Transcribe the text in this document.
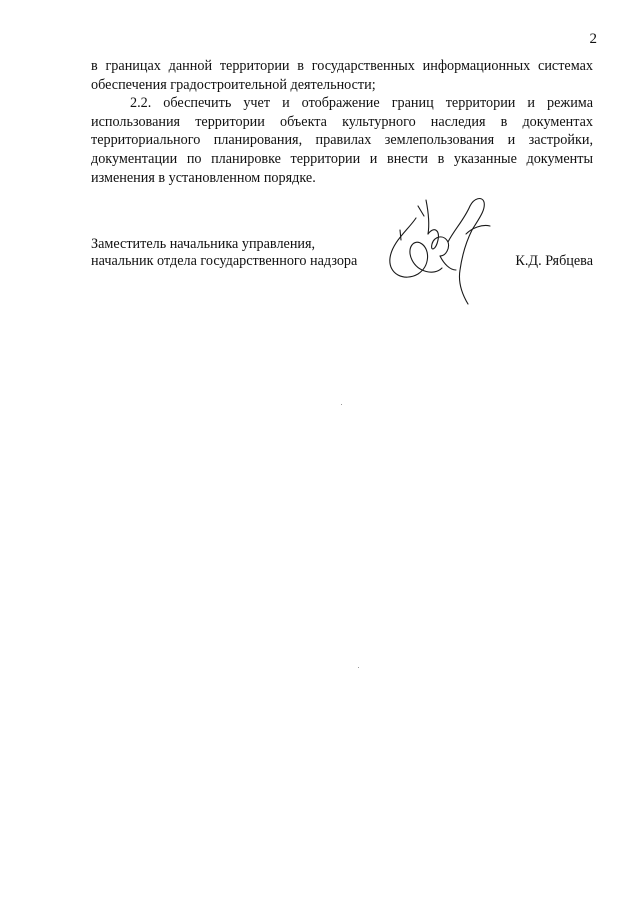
2

в границах данной территории в государственных информационных системах

обеспечения градостроительной деятельности;

2.2. обеспечить учет и отображение границ территории и режима

использования территории объекта культурного наследия в документах

территориального планирования, правилах землепользования и застройки,

документации по планировке территории и внести в указанные документы

изменения в установленном порядке.

Заместитель начальника управления,
начальник отдела государственного надзора	К.Д. Рябцева
